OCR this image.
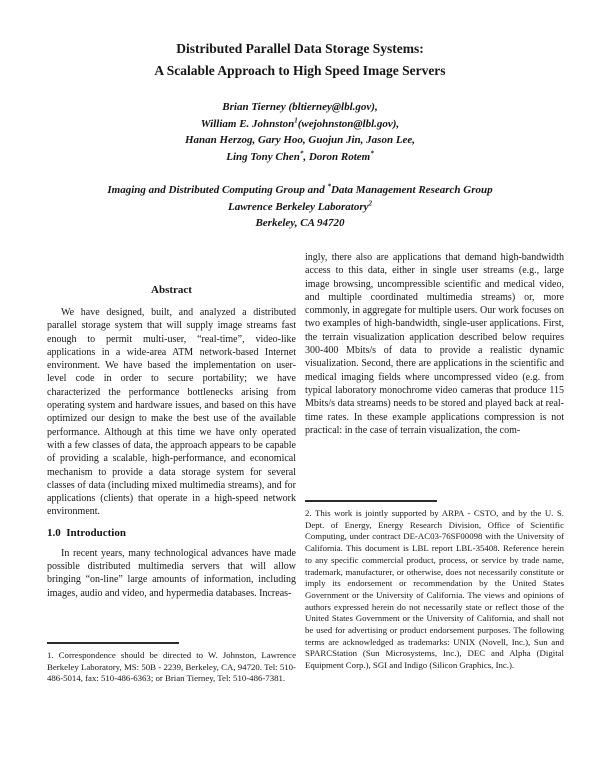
Distributed Parallel Data Storage Systems:
A Scalable Approach to High Speed Image Servers
Brian Tierney (bltierney@lbl.gov),
William E. Johnston$^1$(wejohnston@lbl.gov),
Hanan Herzog, Gary Hoo, Guojun Jin, Jason Lee,
Ling Tony Chen*, Doron Rotem*
Imaging and Distributed Computing Group and *Data Management Research Group
Lawrence Berkeley Laboratory$^2$
Berkeley, CA 94720
Abstract

We have designed, built, and analyzed a distributed parallel storage system that will supply image streams fast enough to permit multi-user, “real-time”, video-like applications in a wide-area ATM network-based Internet environment. We have based the implementation on user-level code in order to secure portability; we have characterized the performance bottlenecks arising from operating system and hardware issues, and based on this have optimized our design to make the best use of the available performance. Although at this time we have only operated with a few classes of data, the approach appears to be capable of providing a scalable, high-performance, and economical mechanism to provide a data storage system for several classes of data (including mixed multimedia streams), and for applications (clients) that operate in a high-speed network environment.

1.0  Introduction

In recent years, many technological advances have made possible distributed multimedia servers that will allow bringing “on-line” large amounts of information, including images, audio and video, and hypermedia databases. Increas-

ingly, there also are applications that demand high-bandwidth access to this data, either in single user streams (e.g., large image browsing, uncompressible scientific and medical video, and multiple coordinated multimedia streams) or, more commonly, in aggregate for multiple users. Our work focuses on two examples of high-bandwidth, single-user applications. First, the terrain visualization application described below requires 300-400 Mbits/s of data to provide a realistic dynamic visualization. Second, there are applications in the scientific and medical imaging fields where uncompressed video (e.g. from typical laboratory monochrome video cameras that produce 115 Mbits/s data streams) needs to be stored and played back at real-time rates. In these example applications compression is not practical: in the case of terrain visualization, the com-

1. Correspondence should be directed to W. Johnston, Lawrence Berkeley Laboratory, MS: 50B - 2239, Berkeley, CA, 94720. Tel: 510-486-5014, fax: 510-486-6363; or Brian Tierney, Tel: 510-486-7381.

2. This work is jointly supported by ARPA - CSTO, and by the U. S. Dept. of Energy, Energy Research Division, Office of Scientific Computing, under contract DE-AC03-76SF00098 with the University of California. This document is LBL report LBL-35408. Reference herein to any specific commercial product, process, or service by trade name, trademark, manufacturer, or otherwise, does not necessarily constitute or imply its endorsement or recommendation by the United States Government or the University of California. The views and opinions of authors expressed herein do not necessarily state or reflect those of the United States Government or the University of California, and shall not be used for advertising or product endorsement purposes. The following terms are acknowledged as trademarks: UNIX (Novell, Inc.), Sun and SPARCStation (Sun Microsystems, Inc.), DEC and Alpha (Digital Equipment Corp.), SGI and Indigo (Silicon Graphics, Inc.).
